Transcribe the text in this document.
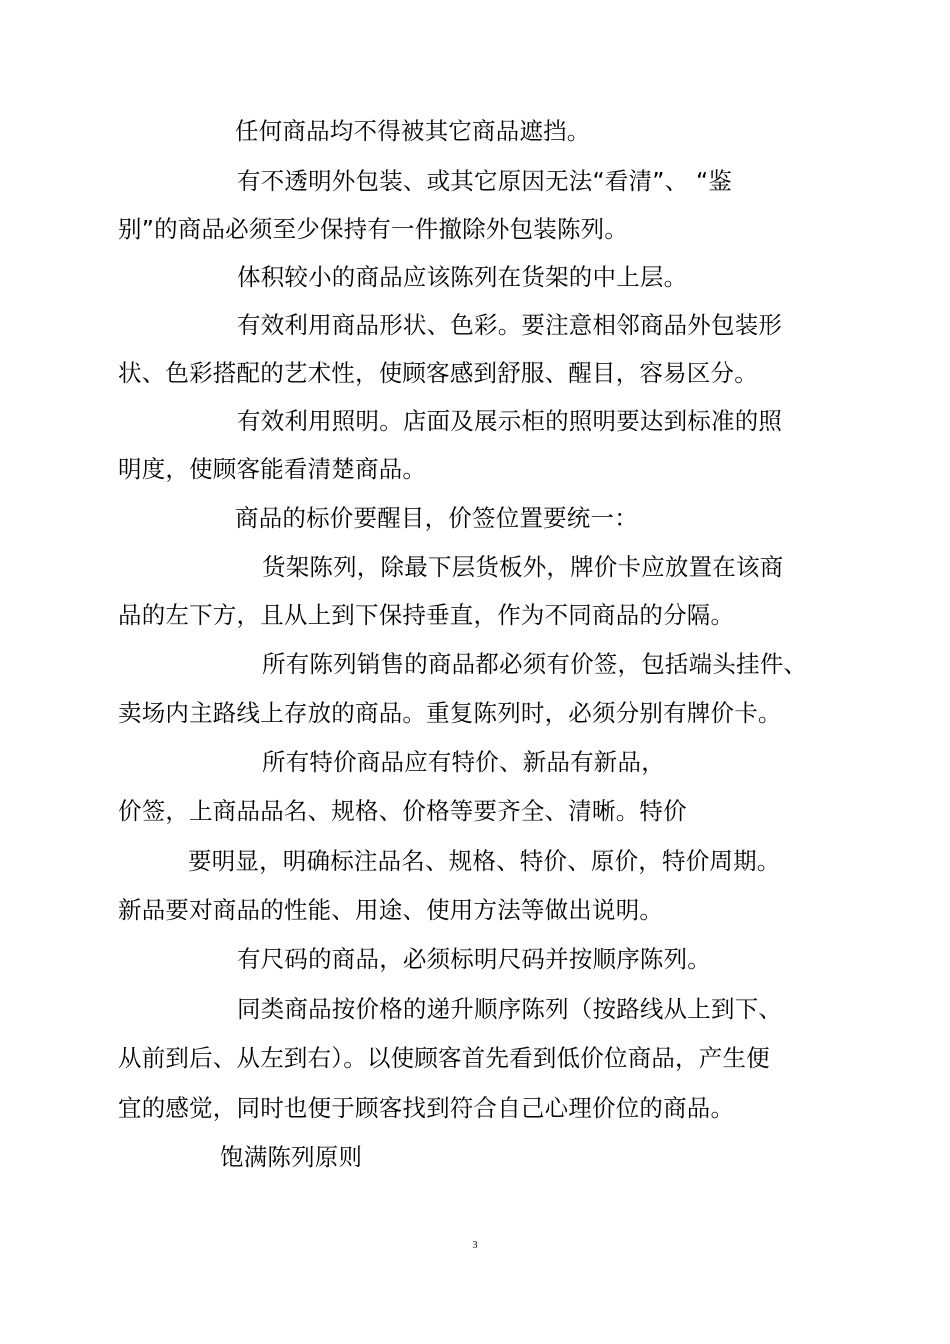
任何商品均不得被其它商品遮挡。
有不透明外包装、或其它原因无法“看清”、 “鉴
别”的商品必须至少保持有一件撤除外包装陈列。
体积较小的商品应该陈列在货架的中上层。
有效利用商品形状、色彩。要注意相邻商品外包装形
状、色彩搭配的艺术性，使顾客感到舒服、醒目，容易区分。
有效利用照明。店面及展示柜的照明要达到标准的照
明度，使顾客能看清楚商品。
商品的标价要醒目，价签位置要统一：
货架陈列，除最下层货板外，牌价卡应放置在该商
品的左下方，且从上到下保持垂直，作为不同商品的分隔。
所有陈列销售的商品都必须有价签，包括端头挂件、
卖场内主路线上存放的商品。重复陈列时，必须分别有牌价卡。
所有特价商品应有特价、新品有新品，
价签，上商品品名、规格、价格等要齐全、清晰。特价
要明显，明确标注品名、规格、特价、原价，特价周期。
新品要对商品的性能、用途、使用方法等做出说明。
有尺码的商品，必须标明尺码并按顺序陈列。
同类商品按价格的递升顺序陈列（按路线从上到下、
从前到后、从左到右）。以使顾客首先看到低价位商品，产生便
宜的感觉，同时也便于顾客找到符合自己心理价位的商品。
饱满陈列原则
3
